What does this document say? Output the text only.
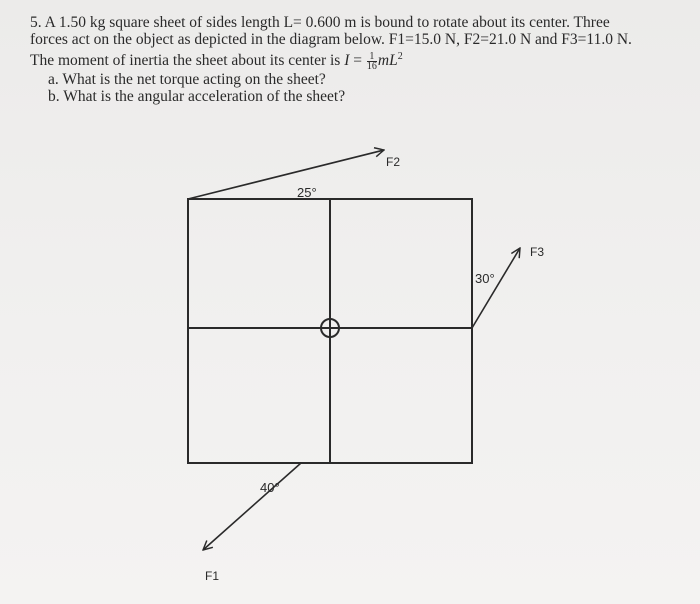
5. A 1.50 kg square sheet of sides length L= 0.600 m is bound to rotate about its center. Three
forces act on the object as depicted in the diagram below. F1=15.0 N, F2=21.0 N and F3=11.0 N.
The moment of inertia the sheet about its center is $I = \frac{1}{16} mL^2$
a. What is the net torque acting on the sheet?
b. What is the angular acceleration of the sheet?
F2
25°
F3
30°
F1
40°
